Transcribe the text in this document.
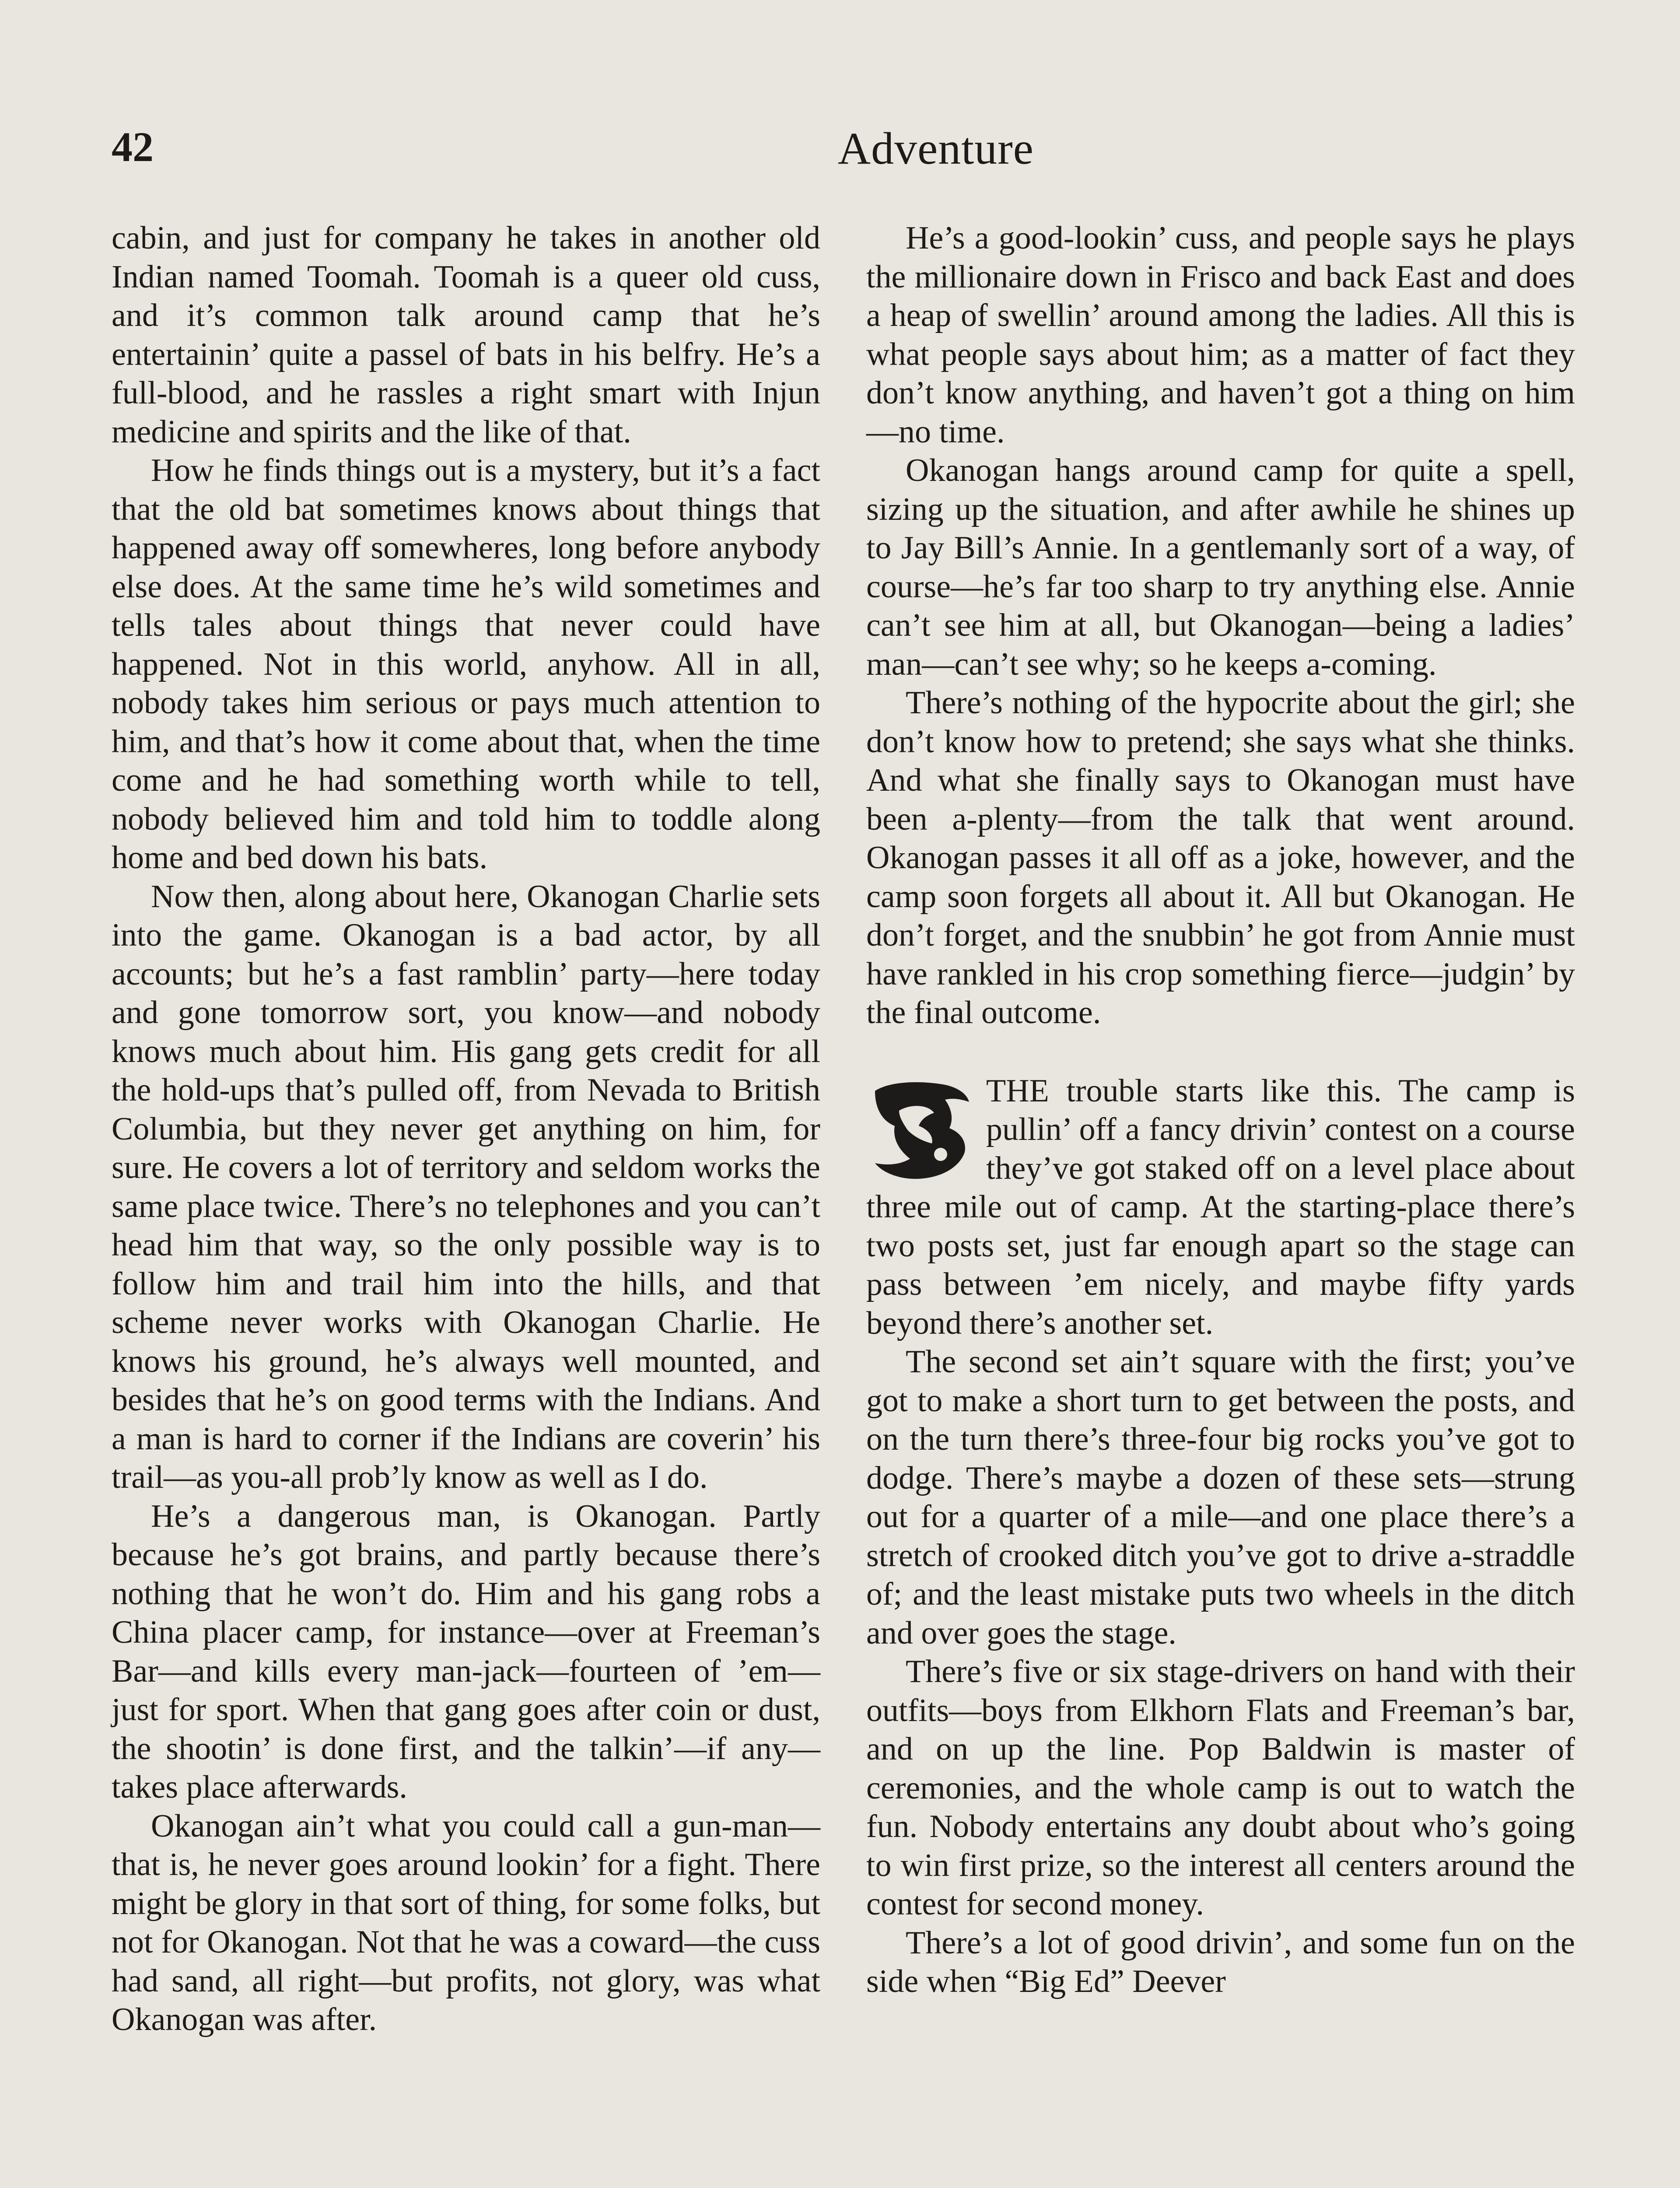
42	Adventure

cabin, and just for company he takes in another old Indian named Toomah. Toomah is a queer old cuss, and it’s common talk around camp that he’s entertainin’ quite a passel of bats in his belfry. He’s a full-blood, and he rassles a right smart with Injun medicine and spirits and the like of that.

How he finds things out is a mystery, but it’s a fact that the old bat sometimes knows about things that happened away off somewheres, long before anybody else does. At the same time he’s wild sometimes and tells tales about things that never could have happened. Not in this world, anyhow. All in all, nobody takes him serious or pays much attention to him, and that’s how it come about that, when the time come and he had something worth while to tell, nobody believed him and told him to toddle along home and bed down his bats.

Now then, along about here, Okanogan Charlie sets into the game. Okanogan is a bad actor, by all accounts; but he’s a fast ramblin’ party—here today and gone tomorrow sort, you know—and nobody knows much about him. His gang gets credit for all the hold-ups that’s pulled off, from Nevada to British Columbia, but they never get anything on him, for sure. He covers a lot of territory and seldom works the same place twice. There’s no telephones and you can’t head him that way, so the only possible way is to follow him and trail him into the hills, and that scheme never works with Okanogan Charlie. He knows his ground, he’s always well mounted, and besides that he’s on good terms with the Indians. And a man is hard to corner if the Indians are coverin’ his trail—as you-all prob’ly know as well as I do.

He’s a dangerous man, is Okanogan. Partly because he’s got brains, and partly because there’s nothing that he won’t do. Him and his gang robs a China placer camp, for instance—over at Freeman’s Bar—and kills every man-jack—fourteen of ’em—just for sport. When that gang goes after coin or dust, the shootin’ is done first, and the talkin’—if any—takes place afterwards.

Okanogan ain’t what you could call a gun-man—that is, he never goes around lookin’ for a fight. There might be glory in that sort of thing, for some folks, but not for Okanogan. Not that he was a coward—the cuss had sand, all right—but profits, not glory, was what Okanogan was after.

He’s a good-lookin’ cuss, and people says he plays the millionaire down in Frisco and back East and does a heap of swellin’ around among the ladies. All this is what people says about him; as a matter of fact they don’t know anything, and haven’t got a thing on him—no time.

Okanogan hangs around camp for quite a spell, sizing up the situation, and after awhile he shines up to Jay Bill’s Annie. In a gentlemanly sort of a way, of course—he’s far too sharp to try anything else. Annie can’t see him at all, but Okanogan—being a ladies’ man—can’t see why; so he keeps a-coming.

There’s nothing of the hypocrite about the girl; she don’t know how to pretend; she says what she thinks. And what she finally says to Okanogan must have been a-plenty—from the talk that went around. Okanogan passes it all off as a joke, however, and the camp soon forgets all about it. All but Okanogan. He don’t forget, and the snubbin’ he got from Annie must have rankled in his crop something fierce—judgin’ by the final outcome.

THE trouble starts like this. The camp is pullin’ off a fancy drivin’ contest on a course they’ve got staked off on a level place about three mile out of camp. At the starting-place there’s two posts set, just far enough apart so the stage can pass between ’em nicely, and maybe fifty yards beyond there’s another set.

The second set ain’t square with the first; you’ve got to make a short turn to get between the posts, and on the turn there’s three-four big rocks you’ve got to dodge. There’s maybe a dozen of these sets—strung out for a quarter of a mile—and one place there’s a stretch of crooked ditch you’ve got to drive a-straddle of; and the least mistake puts two wheels in the ditch and over goes the stage.

There’s five or six stage-drivers on hand with their outfits—boys from Elkhorn Flats and Freeman’s bar, and on up the line. Pop Baldwin is master of ceremonies, and the whole camp is out to watch the fun. Nobody entertains any doubt about who’s going to win first prize, so the interest all centers around the contest for second money.

There’s a lot of good drivin’, and some fun on the side when “Big Ed” Deever
